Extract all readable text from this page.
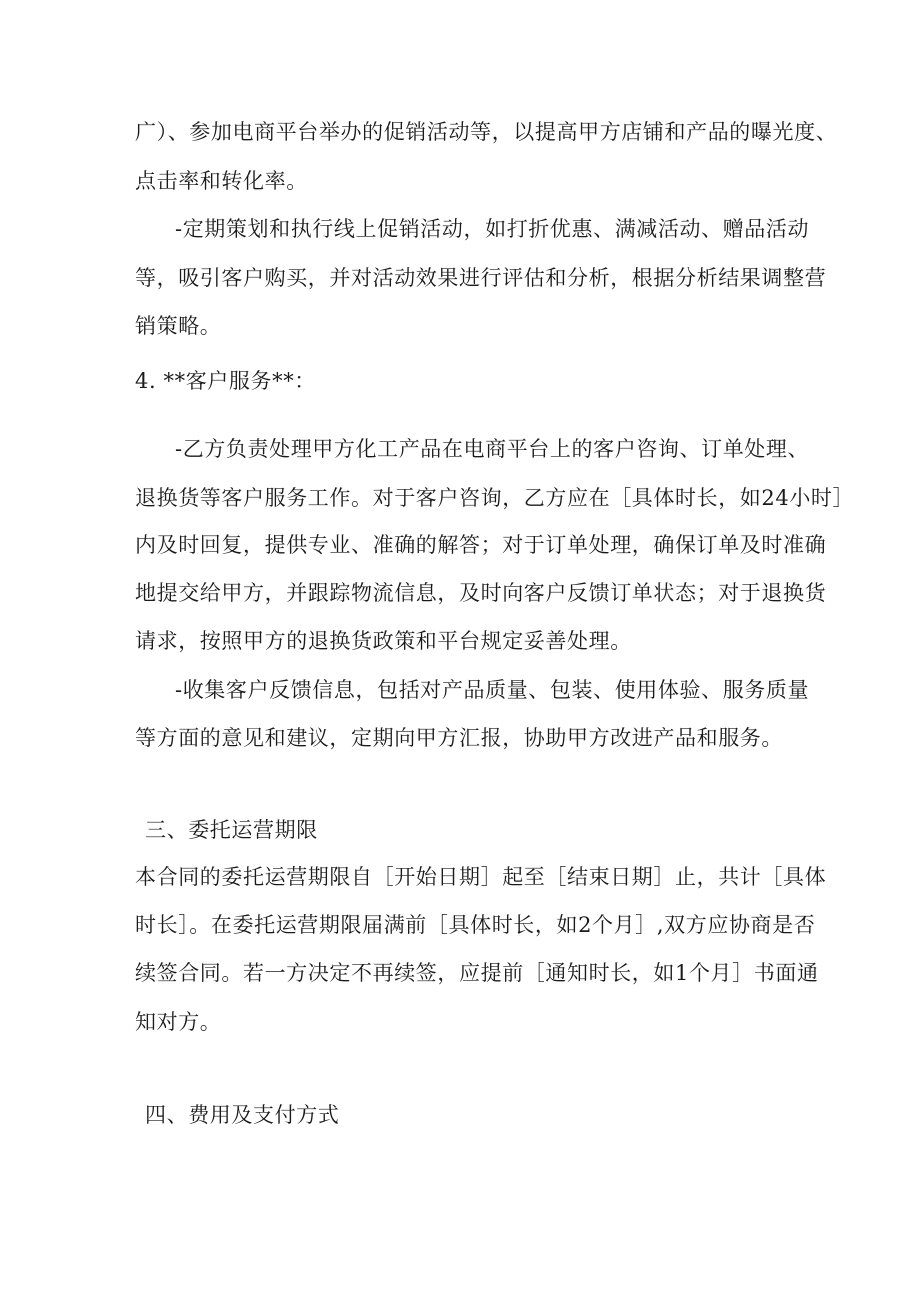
广）、参加电商平台举办的促销活动等，以提高甲方店铺和产品的曝光度、
点击率和转化率。
-定期策划和执行线上促销活动，如打折优惠、满减活动、赠品活动
等，吸引客户购买，并对活动效果进行评估和分析，根据分析结果调整营
销策略。
4. **客户服务**：
-乙方负责处理甲方化工产品在电商平台上的客户咨询、订单处理、
退换货等客户服务工作。对于客户咨询，乙方应在［具体时长，如24小时］
内及时回复，提供专业、准确的解答；对于订单处理，确保订单及时准确
地提交给甲方，并跟踪物流信息，及时向客户反馈订单状态；对于退换货
请求，按照甲方的退换货政策和平台规定妥善处理。
-收集客户反馈信息，包括对产品质量、包装、使用体验、服务质量
等方面的意见和建议，定期向甲方汇报，协助甲方改进产品和服务。
三、委托运营期限
本合同的委托运营期限自［开始日期］起至［结束日期］止，共计［具体
时长］。在委托运营期限届满前［具体时长，如2个月］,双方应协商是否
续签合同。若一方决定不再续签，应提前［通知时长，如1个月］书面通
知对方。
四、费用及支付方式
